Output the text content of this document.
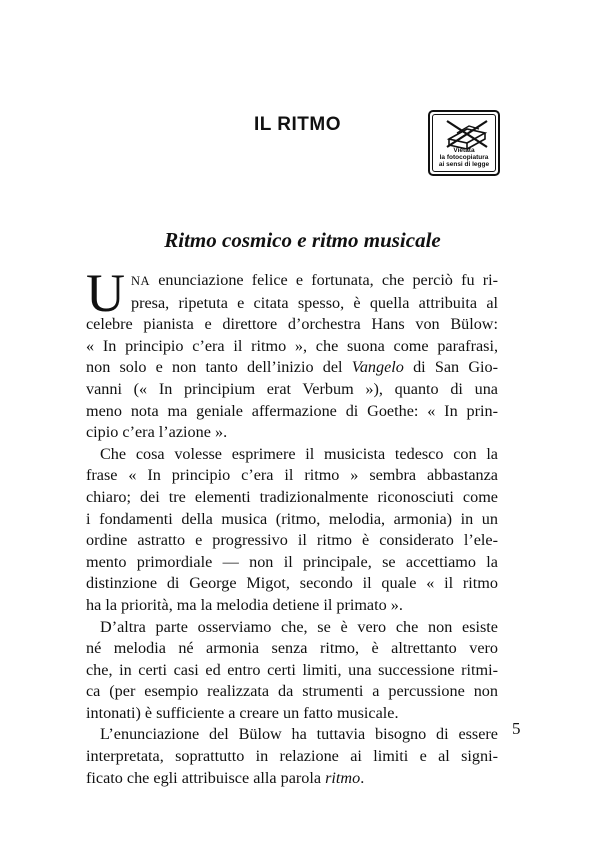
IL RITMO
Vietata
la fotocopiatura
ai sensi di legge
Ritmo cosmico e ritmo musicale
U NA enunciazione felice e fortunata, che perciò fu ri-
presa, ripetuta e citata spesso, è quella attribuita al
celebre pianista e direttore d’orchestra Hans von Bülow:
« In principio c’era il ritmo », che suona come parafrasi,
non solo e non tanto dell’inizio del Vangelo di San Gio-
vanni (« In principium erat Verbum »), quanto di una
meno nota ma geniale affermazione di Goethe: « In prin-
cipio c’era l’azione ».
Che cosa volesse esprimere il musicista tedesco con la
frase « In principio c’era il ritmo » sembra abbastanza
chiaro; dei tre elementi tradizionalmente riconosciuti come
i fondamenti della musica (ritmo, melodia, armonia) in un
ordine astratto e progressivo il ritmo è considerato l’ele-
mento primordiale — non il principale, se accettiamo la
distinzione di George Migot, secondo il quale « il ritmo
ha la priorità, ma la melodia detiene il primato ».
D’altra parte osserviamo che, se è vero che non esiste
né melodia né armonia senza ritmo, è altrettanto vero
che, in certi casi ed entro certi limiti, una successione ritmi-
ca (per esempio realizzata da strumenti a percussione non
intonati) è sufficiente a creare un fatto musicale.
L’enunciazione del Bülow ha tuttavia bisogno di essere
interpretata, soprattutto in relazione ai limiti e al signi-
ficato che egli attribuisce alla parola ritmo.
5
